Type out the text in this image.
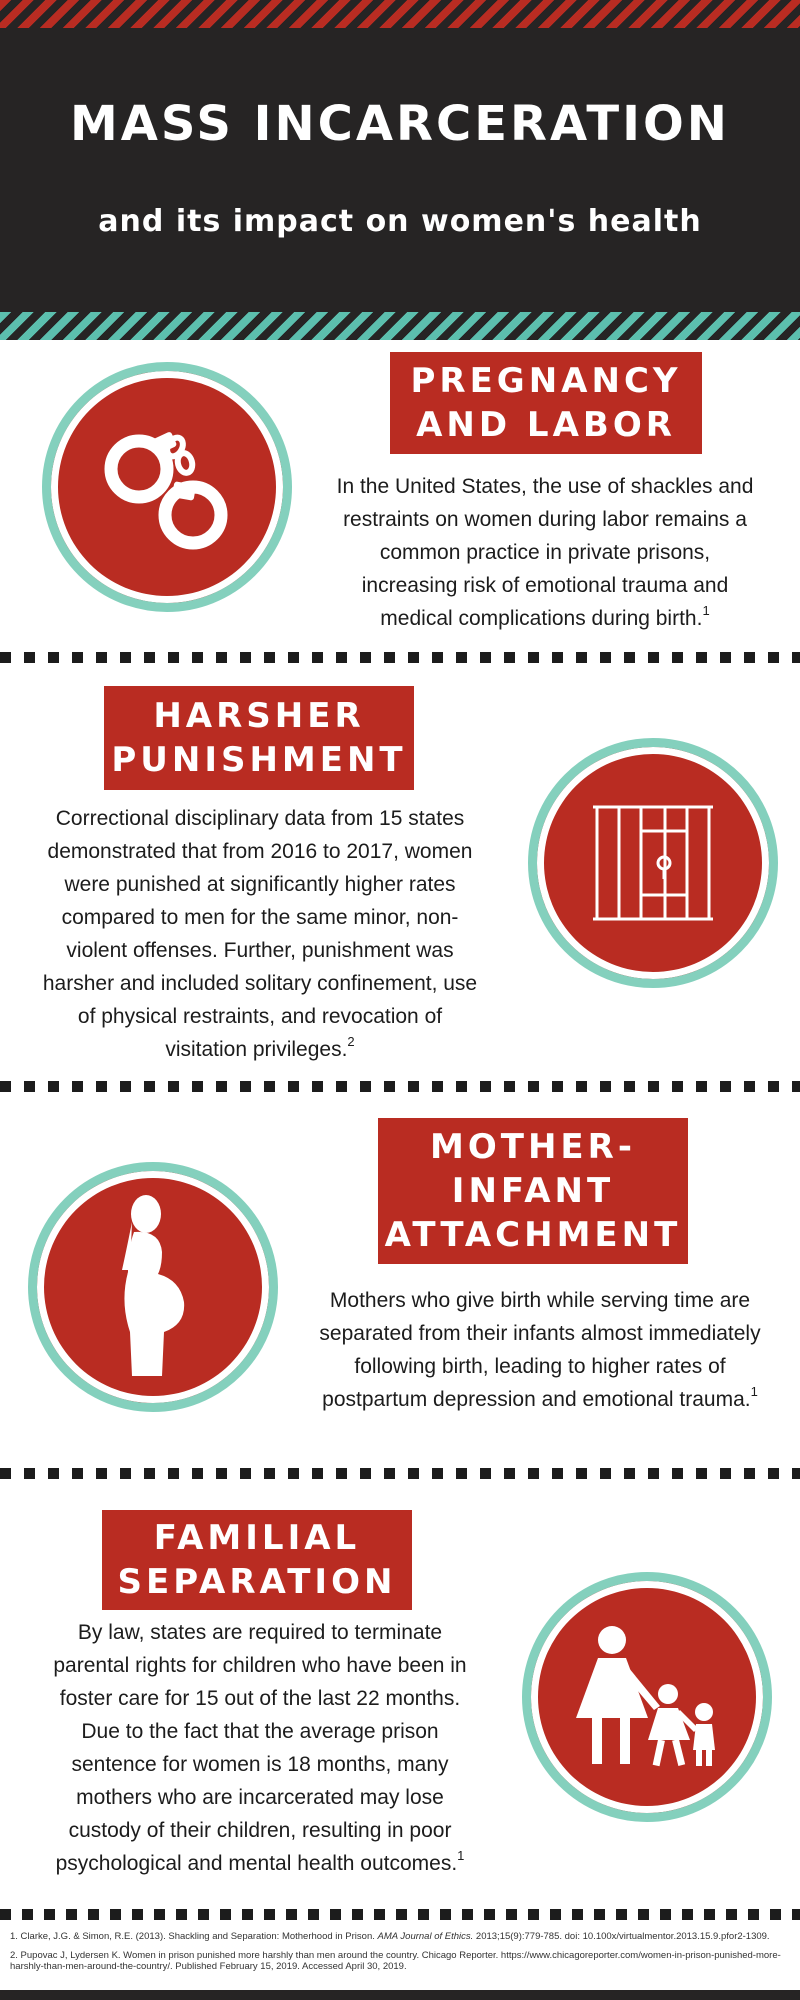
MASS INCARCERATION
and its impact on women's health
PREGNANCY
AND LABOR
In the United States, the use of shackles and restraints on women during labor remains a common practice in private prisons, increasing risk of emotional trauma and medical complications during birth.$^1$
HARSHER
PUNISHMENT
Correctional disciplinary data from 15 states demonstrated that from 2016 to 2017, women were punished at significantly higher rates compared to men for the same minor, non-violent offenses. Further, punishment was harsher and included solitary confinement, use of physical restraints, and revocation of visitation privileges.$^2$
MOTHER-
INFANT
ATTACHMENT
Mothers who give birth while serving time are separated from their infants almost immediately following birth, leading to higher rates of postpartum depression and emotional trauma.$^1$
FAMILIAL
SEPARATION
By law, states are required to terminate parental rights for children who have been in foster care for 15 out of the last 22 months. Due to the fact that the average prison sentence for women is 18 months, many mothers who are incarcerated may lose custody of their children, resulting in poor psychological and mental health outcomes.$^1$
1. Clarke, J.G. & Simon, R.E. (2013). Shackling and Separation: Motherhood in Prison. AMA Journal of Ethics. 2013;15(9):779-785. doi: 10.100x/virtualmentor.2013.15.9.pfor2-1309.
2. Pupovac J, Lydersen K. Women in prison punished more harshly than men around the country. Chicago Reporter. https://www.chicagoreporter.com/women-in-prison-punished-more-harshly-than-men-around-the-country/. Published February 15, 2019. Accessed April 30, 2019.
